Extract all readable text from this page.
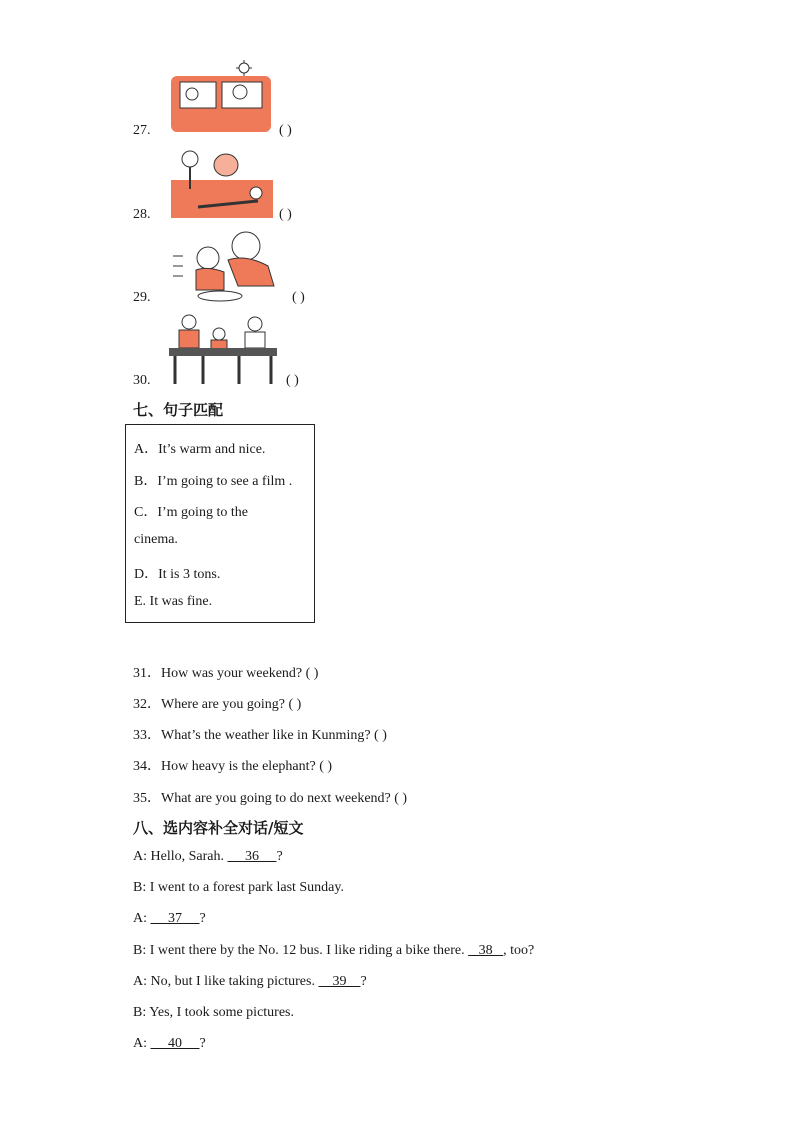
27.	( )
28.	( )
29.	( )
30.	( )
七、句子匹配
A．It’s warm and nice.
B．I’m going to see a film .
C．I’m going to the
cinema.
D．It is 3 tons.
E. It was fine.
31．How was your weekend? ( )
32．Where are you going? ( )
33．What’s the weather like in Kunming? ( )
34．How heavy is the elephant? ( )
35．What are you going to do next weekend? ( )
八、选内容补全对话/短文
A: Hello, Sarah.      36     ?
B: I went to a forest park last Sunday.
A:      37     ?
B: I went there by the No. 12 bus. I like riding a bike there.    38   , too?
A: No, but I like taking pictures.     39    ?
B: Yes, I took some pictures.
A:      40     ?
